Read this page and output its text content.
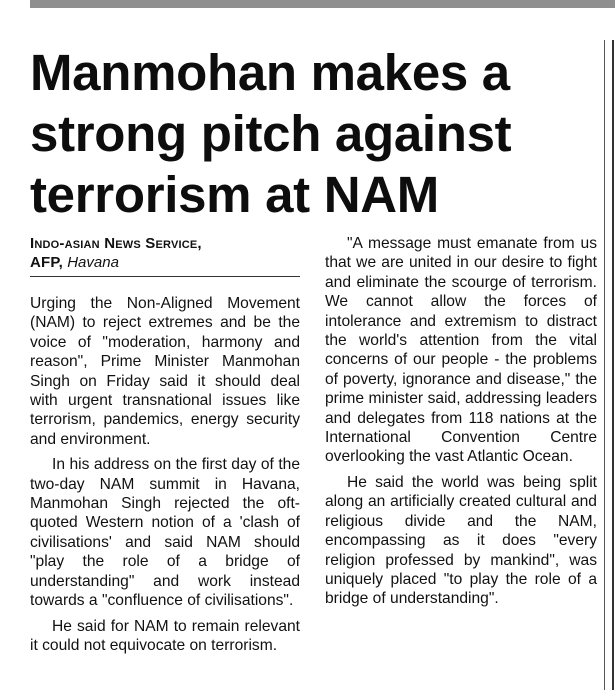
Manmohan makes a strong pitch against terrorism at NAM
Indo-asian News Service,
AFP, Havana

Urging the Non-Aligned Movement (NAM) to reject extremes and be the voice of "moderation, harmony and reason", Prime Minister Manmohan Singh on Friday said it should deal with urgent transnational issues like terrorism, pandemics, energy security and environment.

In his address on the first day of the two-day NAM summit in Havana, Manmohan Singh rejected the oft-quoted Western notion of a 'clash of civilisations' and said NAM should "play the role of a bridge of understanding" and work instead towards a "confluence of civilisations".

He said for NAM to remain relevant it could not equivocate on terrorism.

"A message must emanate from us that we are united in our desire to fight and eliminate the scourge of terrorism. We cannot allow the forces of intolerance and extremism to distract the world's attention from the vital concerns of our people - the problems of poverty, ignorance and disease," the prime minister said, addressing leaders and delegates from 118 nations at the International Convention Centre overlooking the vast Atlantic Ocean.

He said the world was being split along an artificially created cultural and religious divide and the NAM, encompassing as it does "every religion professed by mankind", was uniquely placed "to play the role of a bridge of understanding".
